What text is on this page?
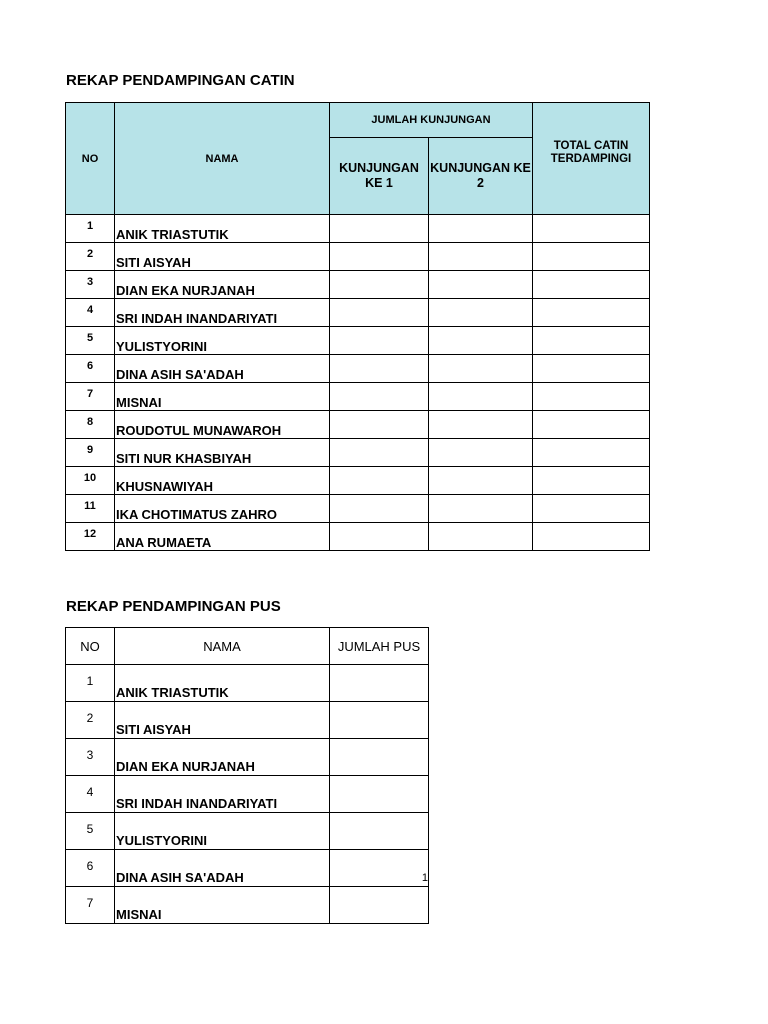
REKAP PENDAMPINGAN CATIN
NO	NAMA	JUMLAH KUNJUNGAN		TOTAL CATIN TERDAMPINGI
		KUNJUNGAN KE 1	KUNJUNGAN KE 2	
1	ANIK TRIASTUTIK			
2	SITI AISYAH			
3	DIAN EKA NURJANAH			
4	SRI INDAH INANDARIYATI			
5	YULISTYORINI			
6	DINA ASIH SA'ADAH			
7	MISNAI			
8	ROUDOTUL MUNAWAROH			
9	SITI NUR KHASBIYAH			
10	KHUSNAWIYAH			
11	IKA CHOTIMATUS ZAHRO			
12	ANA RUMAETA			
REKAP PENDAMPINGAN PUS
NO	NAMA	JUMLAH PUS
1	ANIK TRIASTUTIK	
2	SITI AISYAH	
3	DIAN EKA NURJANAH	
4	SRI INDAH INANDARIYATI	
5	YULISTYORINI	
6	DINA ASIH SA'ADAH	1
7	MISNAI	
